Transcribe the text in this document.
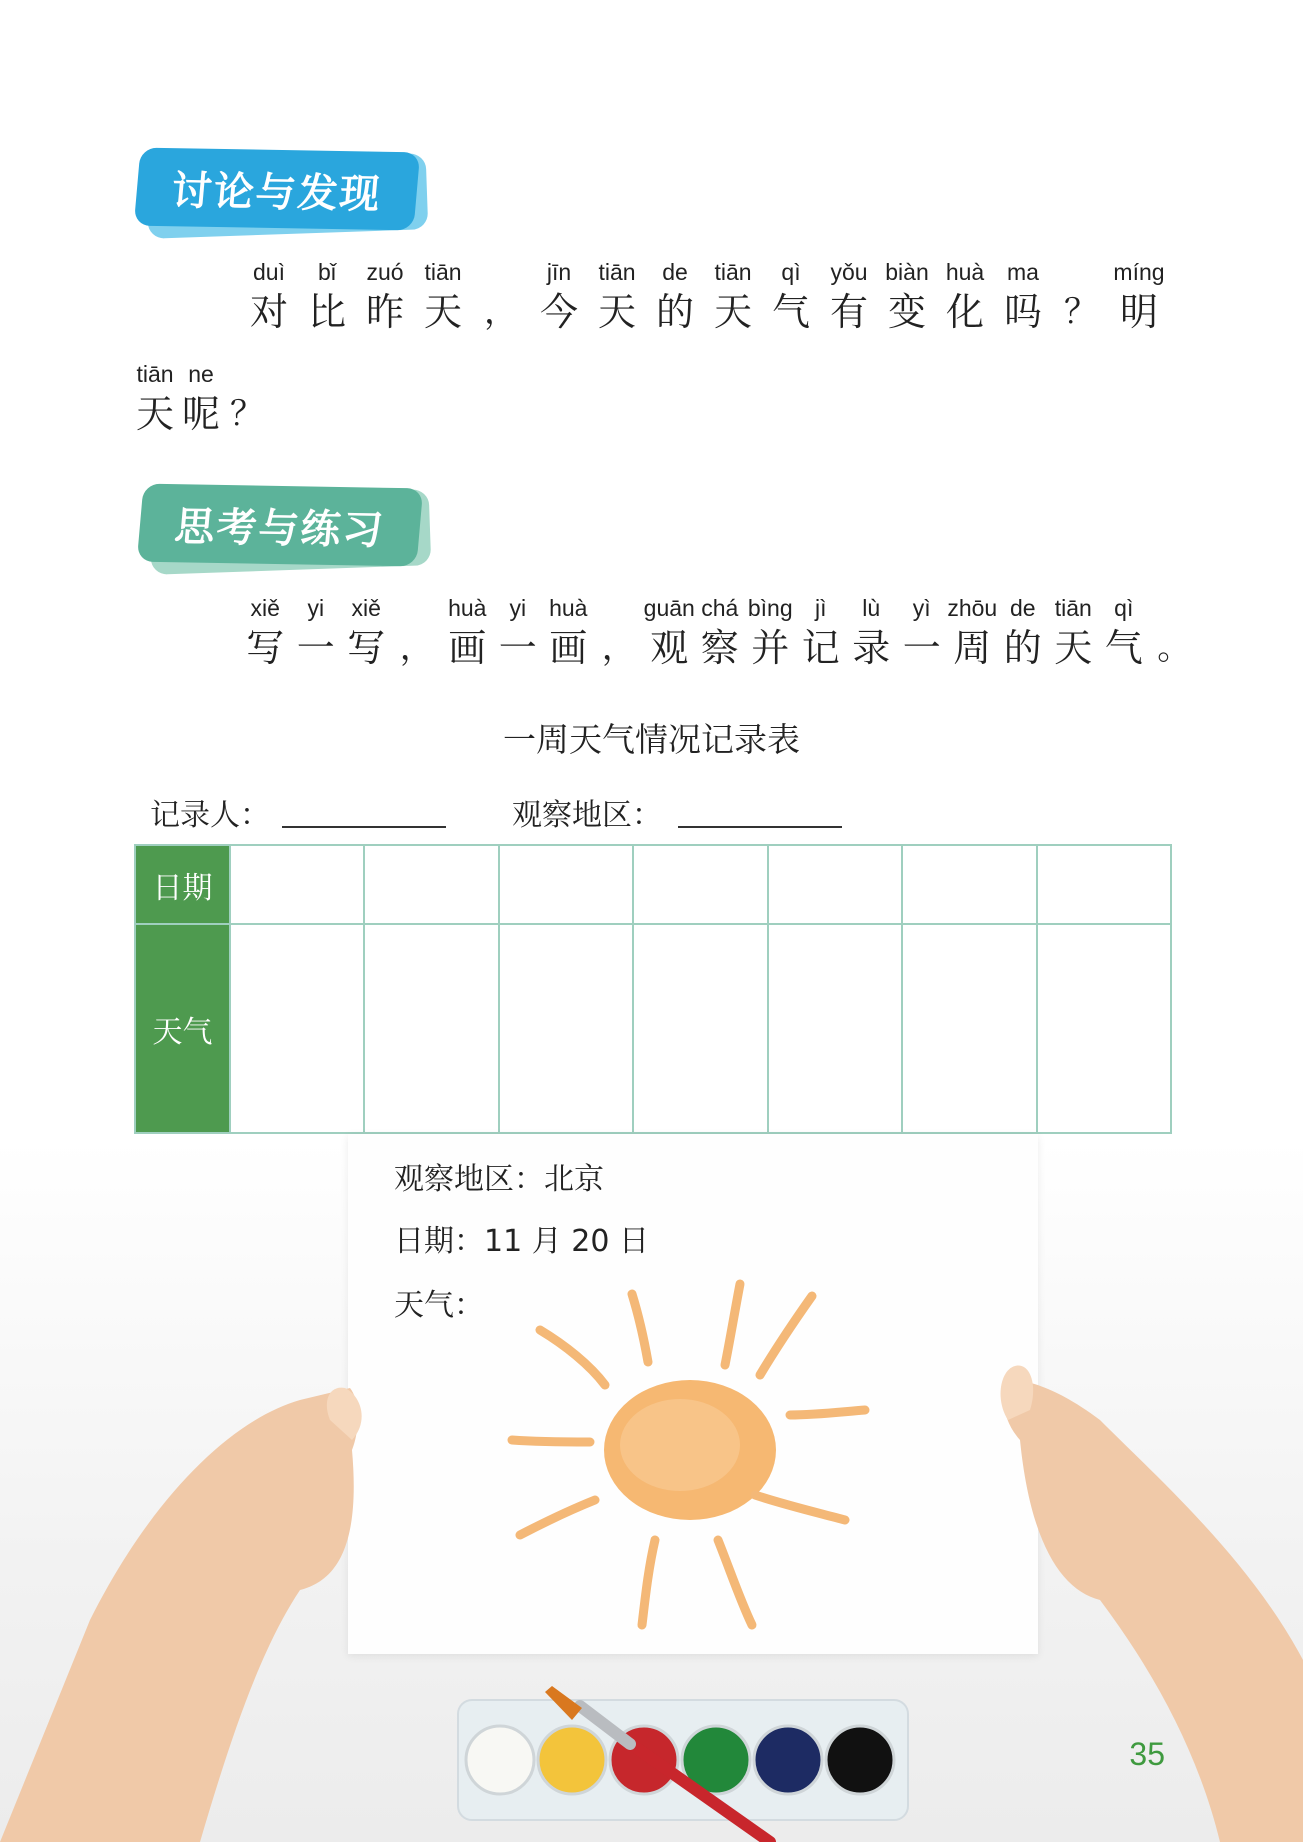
讨论与发现
duì
对
bǐ
比
zuó
昨
tiān
天 ，
jīn
今
tiān
天
de
的
tiān
天
qì
气
yǒu
有
biàn
变
huà
化
ma
吗 ？
míng
明
tiān
天
ne
呢 ？
思考与练习
xiě
写
yi
一
xiě
写 ，
huà
画
yi
一
huà
画 ，
guān
观
chá
察
bìng
并
jì
记
lù
录
yì
一
zhōu
周
de
的
tiān
天
qì
气 。
一周天气情况记录表
记录人：	观察地区：
日期
天气
观察地区：北京
日期：11 月 20 日
天气：
35
